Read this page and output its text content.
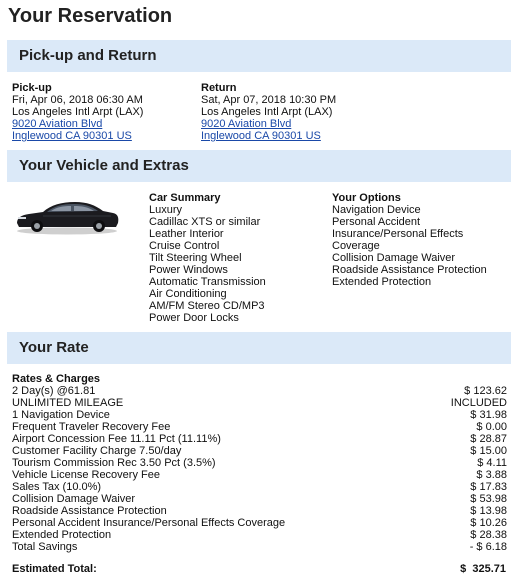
Your Reservation
Pick-up and Return
Pick-up
Fri, Apr 06, 2018 06:30 AM
Los Angeles Intl Arpt (LAX)
9020 Aviation Blvd
Inglewood CA 90301 US
Return
Sat, Apr 07, 2018 10:30 PM
Los Angeles Intl Arpt (LAX)
9020 Aviation Blvd
Inglewood CA 90301 US
Your Vehicle and Extras
Car Summary
Luxury
Cadillac XTS or similar
Leather Interior
Cruise Control
Tilt Steering Wheel
Power Windows
Automatic Transmission
Air Conditioning
AM/FM Stereo CD/MP3
Power Door Locks
Your Options
Navigation Device
Personal Accident
Insurance/Personal Effects
Coverage
Collision Damage Waiver
Roadside Assistance Protection
Extended Protection
Your Rate
Rates & Charges
2 Day(s) @61.81	$ 123.62
UNLIMITED MILEAGE	INCLUDED
1 Navigation Device	$ 31.98
Frequent Traveler Recovery Fee	$ 0.00
Airport Concession Fee 11.11 Pct (11.11%)	$ 28.87
Customer Facility Charge 7.50/day	$ 15.00
Tourism Commission Rec 3.50 Pct (3.5%)	$ 4.11
Vehicle License Recovery Fee	$ 3.88
Sales Tax (10.0%)	$ 17.83
Collision Damage Waiver	$ 53.98
Roadside Assistance Protection	$ 13.98
Personal Accident Insurance/Personal Effects Coverage	$ 10.26
Extended Protection	$ 28.38
Total Savings	- $ 6.18
Estimated Total:	$  325.71
